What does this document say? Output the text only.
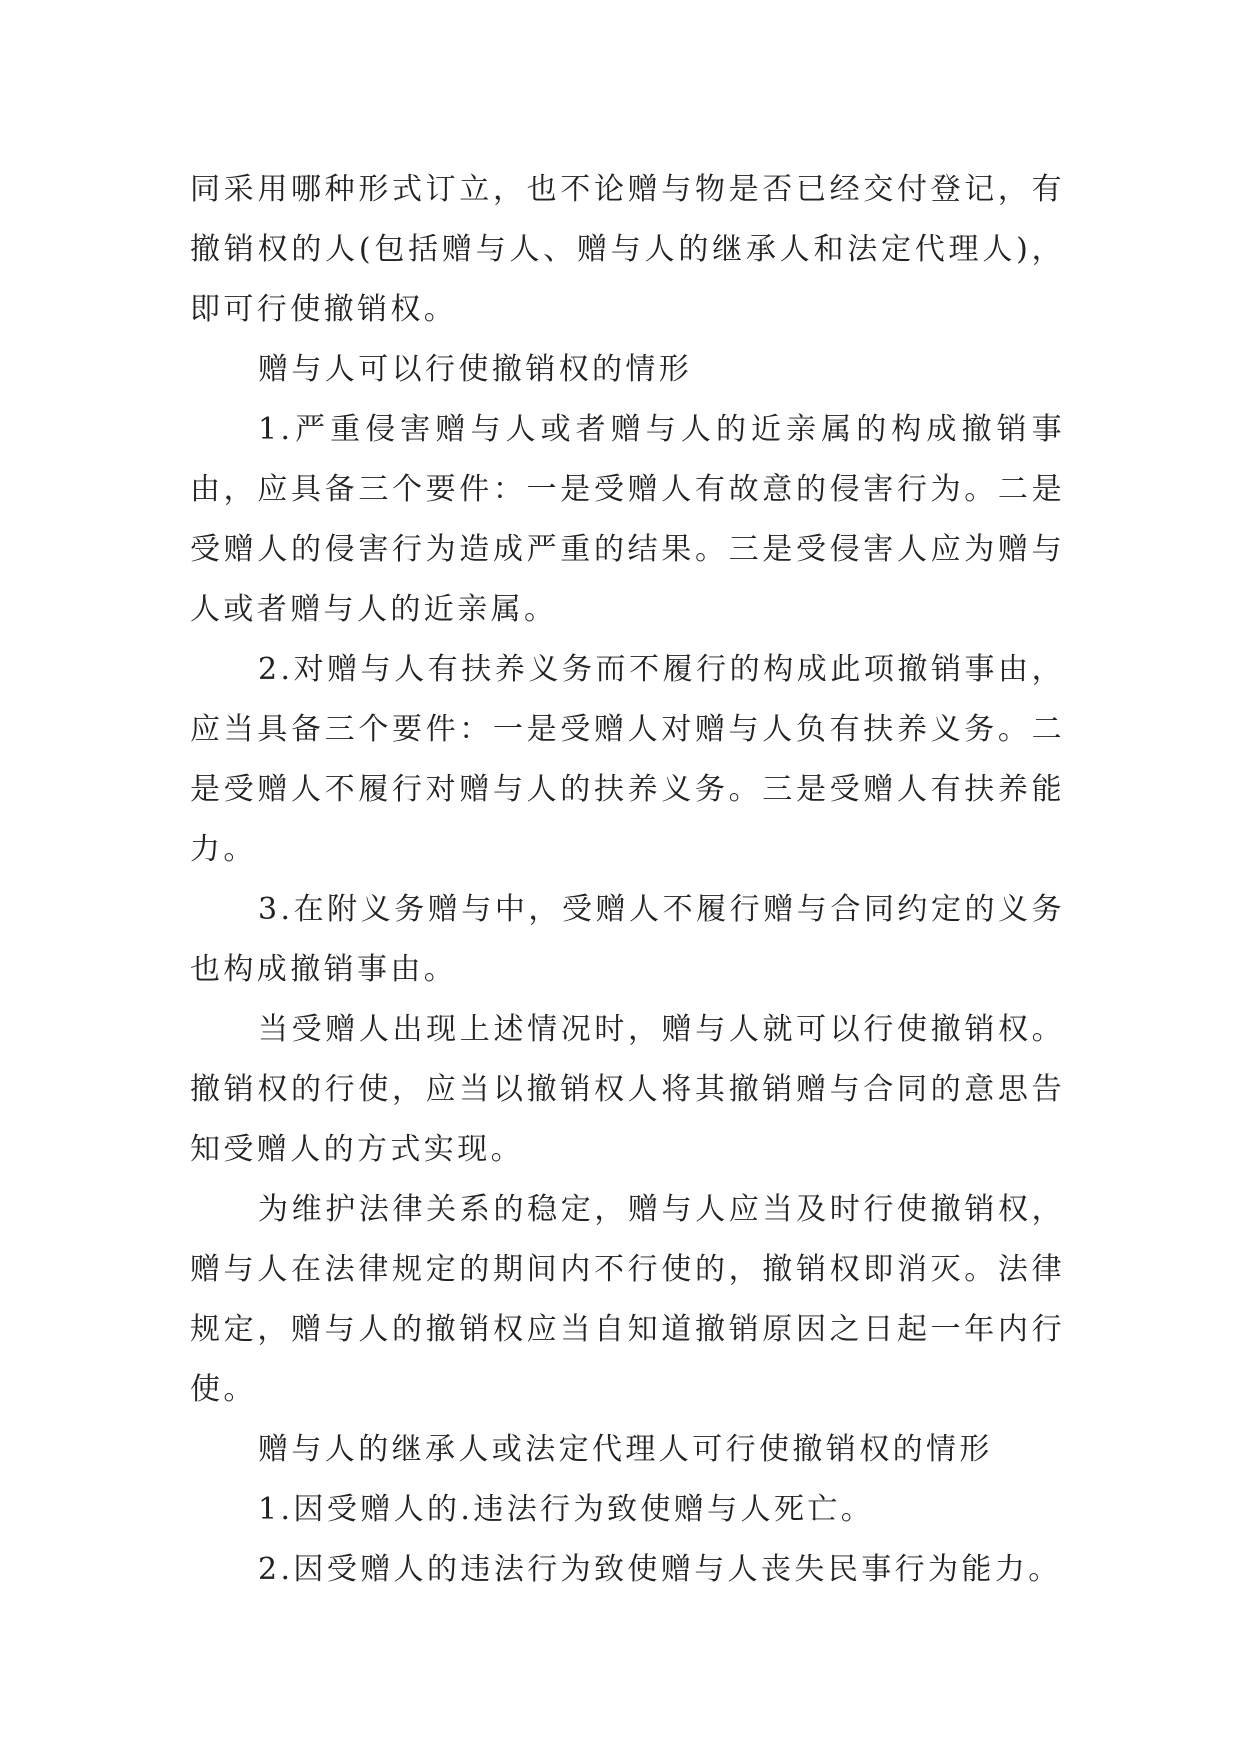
同采用哪种形式订立，也不论赠与物是否已经交付登记，有撤销权的人(包括赠与人、赠与人的继承人和法定代理人)，即可行使撤销权。

赠与人可以行使撤销权的情形

1.严重侵害赠与人或者赠与人的近亲属的构成撤销事由，应具备三个要件：一是受赠人有故意的侵害行为。二是受赠人的侵害行为造成严重的结果。三是受侵害人应为赠与人或者赠与人的近亲属。

2.对赠与人有扶养义务而不履行的构成此项撤销事由，应当具备三个要件：一是受赠人对赠与人负有扶养义务。二是受赠人不履行对赠与人的扶养义务。三是受赠人有扶养能力。

3.在附义务赠与中，受赠人不履行赠与合同约定的义务也构成撤销事由。

当受赠人出现上述情况时，赠与人就可以行使撤销权。撤销权的行使，应当以撤销权人将其撤销赠与合同的意思告知受赠人的方式实现。

为维护法律关系的稳定，赠与人应当及时行使撤销权，赠与人在法律规定的期间内不行使的，撤销权即消灭。法律规定，赠与人的撤销权应当自知道撤销原因之日起一年内行使。

赠与人的继承人或法定代理人可行使撤销权的情形

1.因受赠人的.违法行为致使赠与人死亡。

2.因受赠人的违法行为致使赠与人丧失民事行为能力。
